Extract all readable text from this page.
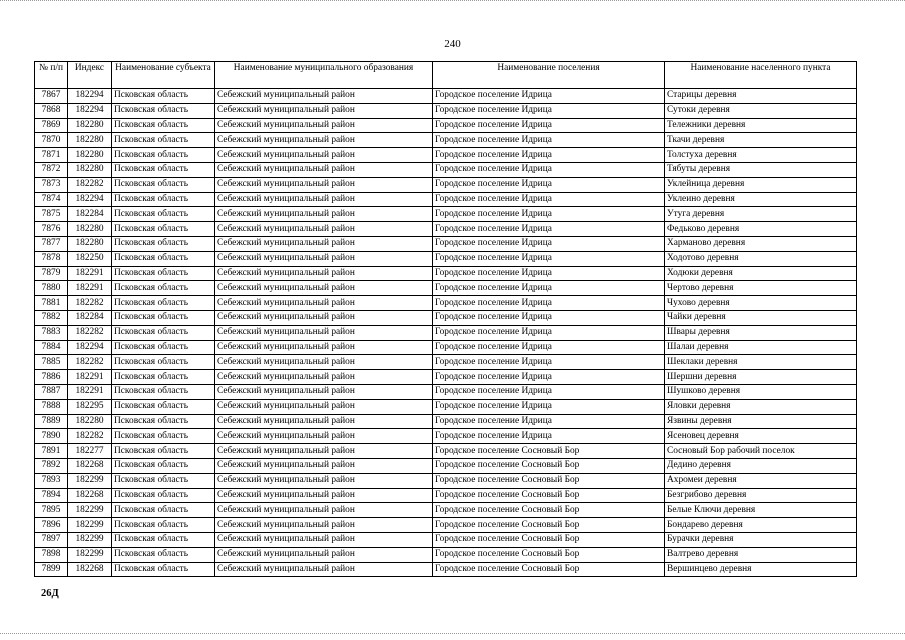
240
№ п/п	Индекс	Наименование субъекта	Наименование муниципального образования	Наименование поселения	Наименование населенного пункта
7867	182294	Псковская область	Себежский муниципальный район	Городское поселение Идрица	Старицы деревня
7868	182294	Псковская область	Себежский муниципальный район	Городское поселение Идрица	Сутоки деревня
7869	182280	Псковская область	Себежский муниципальный район	Городское поселение Идрица	Тележники деревня
7870	182280	Псковская область	Себежский муниципальный район	Городское поселение Идрица	Ткачи деревня
7871	182280	Псковская область	Себежский муниципальный район	Городское поселение Идрица	Толстуха деревня
7872	182280	Псковская область	Себежский муниципальный район	Городское поселение Идрица	Тябуты деревня
7873	182282	Псковская область	Себежский муниципальный район	Городское поселение Идрица	Уклейница деревня
7874	182294	Псковская область	Себежский муниципальный район	Городское поселение Идрица	Уклеино деревня
7875	182284	Псковская область	Себежский муниципальный район	Городское поселение Идрица	Утуга деревня
7876	182280	Псковская область	Себежский муниципальный район	Городское поселение Идрица	Федьково деревня
7877	182280	Псковская область	Себежский муниципальный район	Городское поселение Идрица	Харманово деревня
7878	182250	Псковская область	Себежский муниципальный район	Городское поселение Идрица	Ходотово деревня
7879	182291	Псковская область	Себежский муниципальный район	Городское поселение Идрица	Ходюки деревня
7880	182291	Псковская область	Себежский муниципальный район	Городское поселение Идрица	Чертово деревня
7881	182282	Псковская область	Себежский муниципальный район	Городское поселение Идрица	Чухово деревня
7882	182284	Псковская область	Себежский муниципальный район	Городское поселение Идрица	Чайки деревня
7883	182282	Псковская область	Себежский муниципальный район	Городское поселение Идрица	Швары деревня
7884	182294	Псковская область	Себежский муниципальный район	Городское поселение Идрица	Шалаи деревня
7885	182282	Псковская область	Себежский муниципальный район	Городское поселение Идрица	Шеклаки деревня
7886	182291	Псковская область	Себежский муниципальный район	Городское поселение Идрица	Шершни деревня
7887	182291	Псковская область	Себежский муниципальный район	Городское поселение Идрица	Шушково деревня
7888	182295	Псковская область	Себежский муниципальный район	Городское поселение Идрица	Яловки деревня
7889	182280	Псковская область	Себежский муниципальный район	Городское поселение Идрица	Язвины деревня
7890	182282	Псковская область	Себежский муниципальный район	Городское поселение Идрица	Ясеновец деревня
7891	182277	Псковская область	Себежский муниципальный район	Городское поселение Сосновый Бор	Сосновый Бор рабочий поселок
7892	182268	Псковская область	Себежский муниципальный район	Городское поселение Сосновый Бор	Дедино деревня
7893	182299	Псковская область	Себежский муниципальный район	Городское поселение Сосновый Бор	Ахромеи деревня
7894	182268	Псковская область	Себежский муниципальный район	Городское поселение Сосновый Бор	Безгрибово деревня
7895	182299	Псковская область	Себежский муниципальный район	Городское поселение Сосновый Бор	Белые Ключи деревня
7896	182299	Псковская область	Себежский муниципальный район	Городское поселение Сосновый Бор	Бондарево деревня
7897	182299	Псковская область	Себежский муниципальный район	Городское поселение Сосновый Бор	Бурачки деревня
7898	182299	Псковская область	Себежский муниципальный район	Городское поселение Сосновый Бор	Валтрево деревня
7899	182268	Псковская область	Себежский муниципальный район	Городское поселение Сосновый Бор	Вершинцево деревня
26Д
